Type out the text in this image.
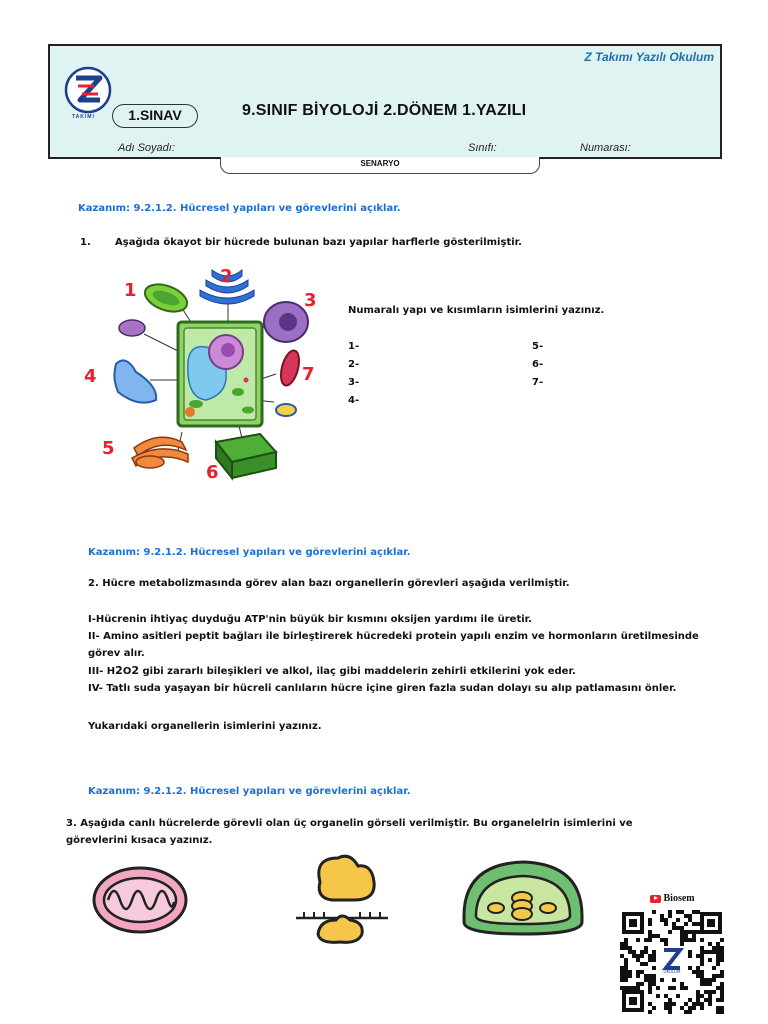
Z Takımı Yazılı Okulum
TAKIMI	1.SINAV	9.SINIF BİYOLOJİ 2.DÖNEM 1.YAZILI
Adı Soyadı:	Sınıfı:	Numarası:
SENARYO
Kazanım: 9.2.1.2. Hücresel yapıları ve görevlerini açıklar.
1. Aşağıda ökayot bir hücrede bulunan bazı yapılar harflerle gösterilmiştir.
1
2
3
4
5
6
7
Numaralı yapı ve kısımların isimlerini yazınız.
1-
2-
3-
4-
5-
6-
7-
Kazanım: 9.2.1.2. Hücresel yapıları ve görevlerini açıklar.
2. Hücre metabolizmasında görev alan bazı organellerin görevleri aşağıda verilmiştir.
I-Hücrenin ihtiyaç duyduğu ATP'nin büyük bir kısmını oksijen yardımı ile üretir.
II- Amino asitleri peptit bağları ile birleştirerek hücredeki protein yapılı enzim ve hormonların üretilmesinde görev alır.
III- H2O2 gibi zararlı bileşikleri ve alkol, ilaç gibi maddelerin zehirli etkilerini yok eder.
IV- Tatlı suda yaşayan bir hücreli canlıların hücre içine giren fazla sudan dolayı su alıp patlamasını önler.
Yukarıdaki organellerin isimlerini yazınız.
Kazanım: 9.2.1.2. Hücresel yapıları ve görevlerini açıklar.
3. Aşağıda canlı hücrelerde görevli olan üç organelin görseli verilmiştir. Bu organelelrin isimlerini ve görevlerini kısaca yazınız.
Biosem
OKULUM
